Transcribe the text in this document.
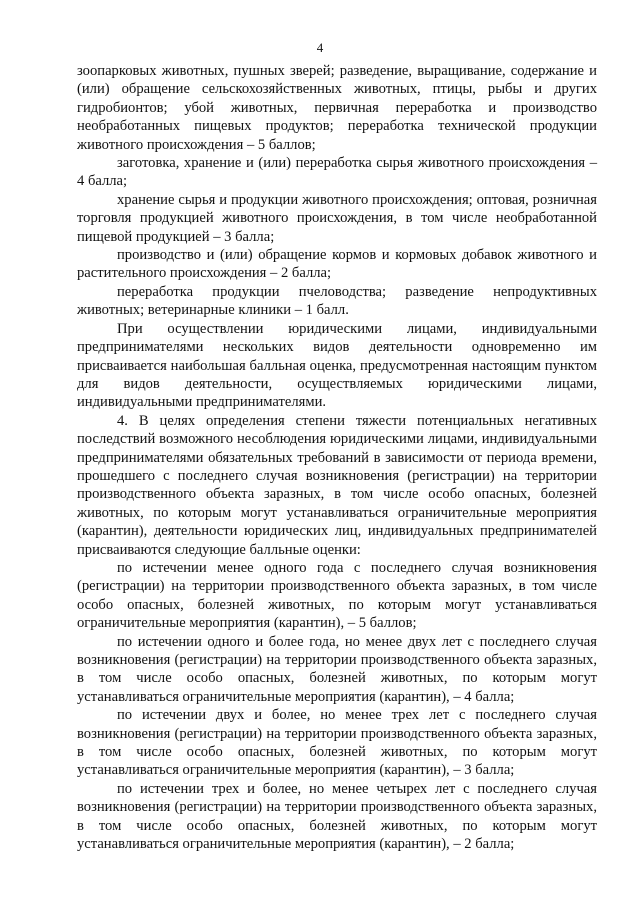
4

зоопарковых животных, пушных зверей; разведение, выращивание, содержание и (или) обращение сельскохозяйственных животных, птицы, рыбы и других гидробионтов; убой животных, первичная переработка и производство необработанных пищевых продуктов; переработка технической продукции животного происхождения – 5 баллов;

заготовка, хранение и (или) переработка сырья животного происхождения – 4 балла;

хранение сырья и продукции животного происхождения; оптовая, розничная торговля продукцией животного происхождения, в том числе необработанной пищевой продукцией – 3 балла;

производство и (или) обращение кормов и кормовых добавок животного и растительного происхождения – 2 балла;

переработка продукции пчеловодства; разведение непродуктивных животных; ветеринарные клиники – 1 балл.

При осуществлении юридическими лицами, индивидуальными предпринимателями нескольких видов деятельности одновременно им присваивается наибольшая балльная оценка, предусмотренная настоящим пунктом для видов деятельности, осуществляемых юридическими лицами, индивидуальными предпринимателями.

4. В целях определения степени тяжести потенциальных негативных последствий возможного несоблюдения юридическими лицами, индивидуальными предпринимателями обязательных требований в зависимости от периода времени, прошедшего с последнего случая возникновения (регистрации) на территории производственного объекта заразных, в том числе особо опасных, болезней животных, по которым могут устанавливаться ограничительные мероприятия (карантин), деятельности юридических лиц, индивидуальных предпринимателей присваиваются следующие балльные оценки:

по истечении менее одного года с последнего случая возникновения (регистрации) на территории производственного объекта заразных, в том числе особо опасных, болезней животных, по которым могут устанавливаться ограничительные мероприятия (карантин), – 5 баллов;

по истечении одного и более года, но менее двух лет с последнего случая возникновения (регистрации) на территории производственного объекта заразных, в том числе особо опасных, болезней животных, по которым могут устанавливаться ограничительные мероприятия (карантин), – 4 балла;

по истечении двух и более, но менее трех лет с последнего случая возникновения (регистрации) на территории производственного объекта заразных, в том числе особо опасных, болезней животных, по которым могут устанавливаться ограничительные мероприятия (карантин), – 3 балла;

по истечении трех и более, но менее четырех лет с последнего случая возникновения (регистрации) на территории производственного объекта заразных, в том числе особо опасных, болезней животных, по которым могут устанавливаться ограничительные мероприятия (карантин), – 2 балла;
